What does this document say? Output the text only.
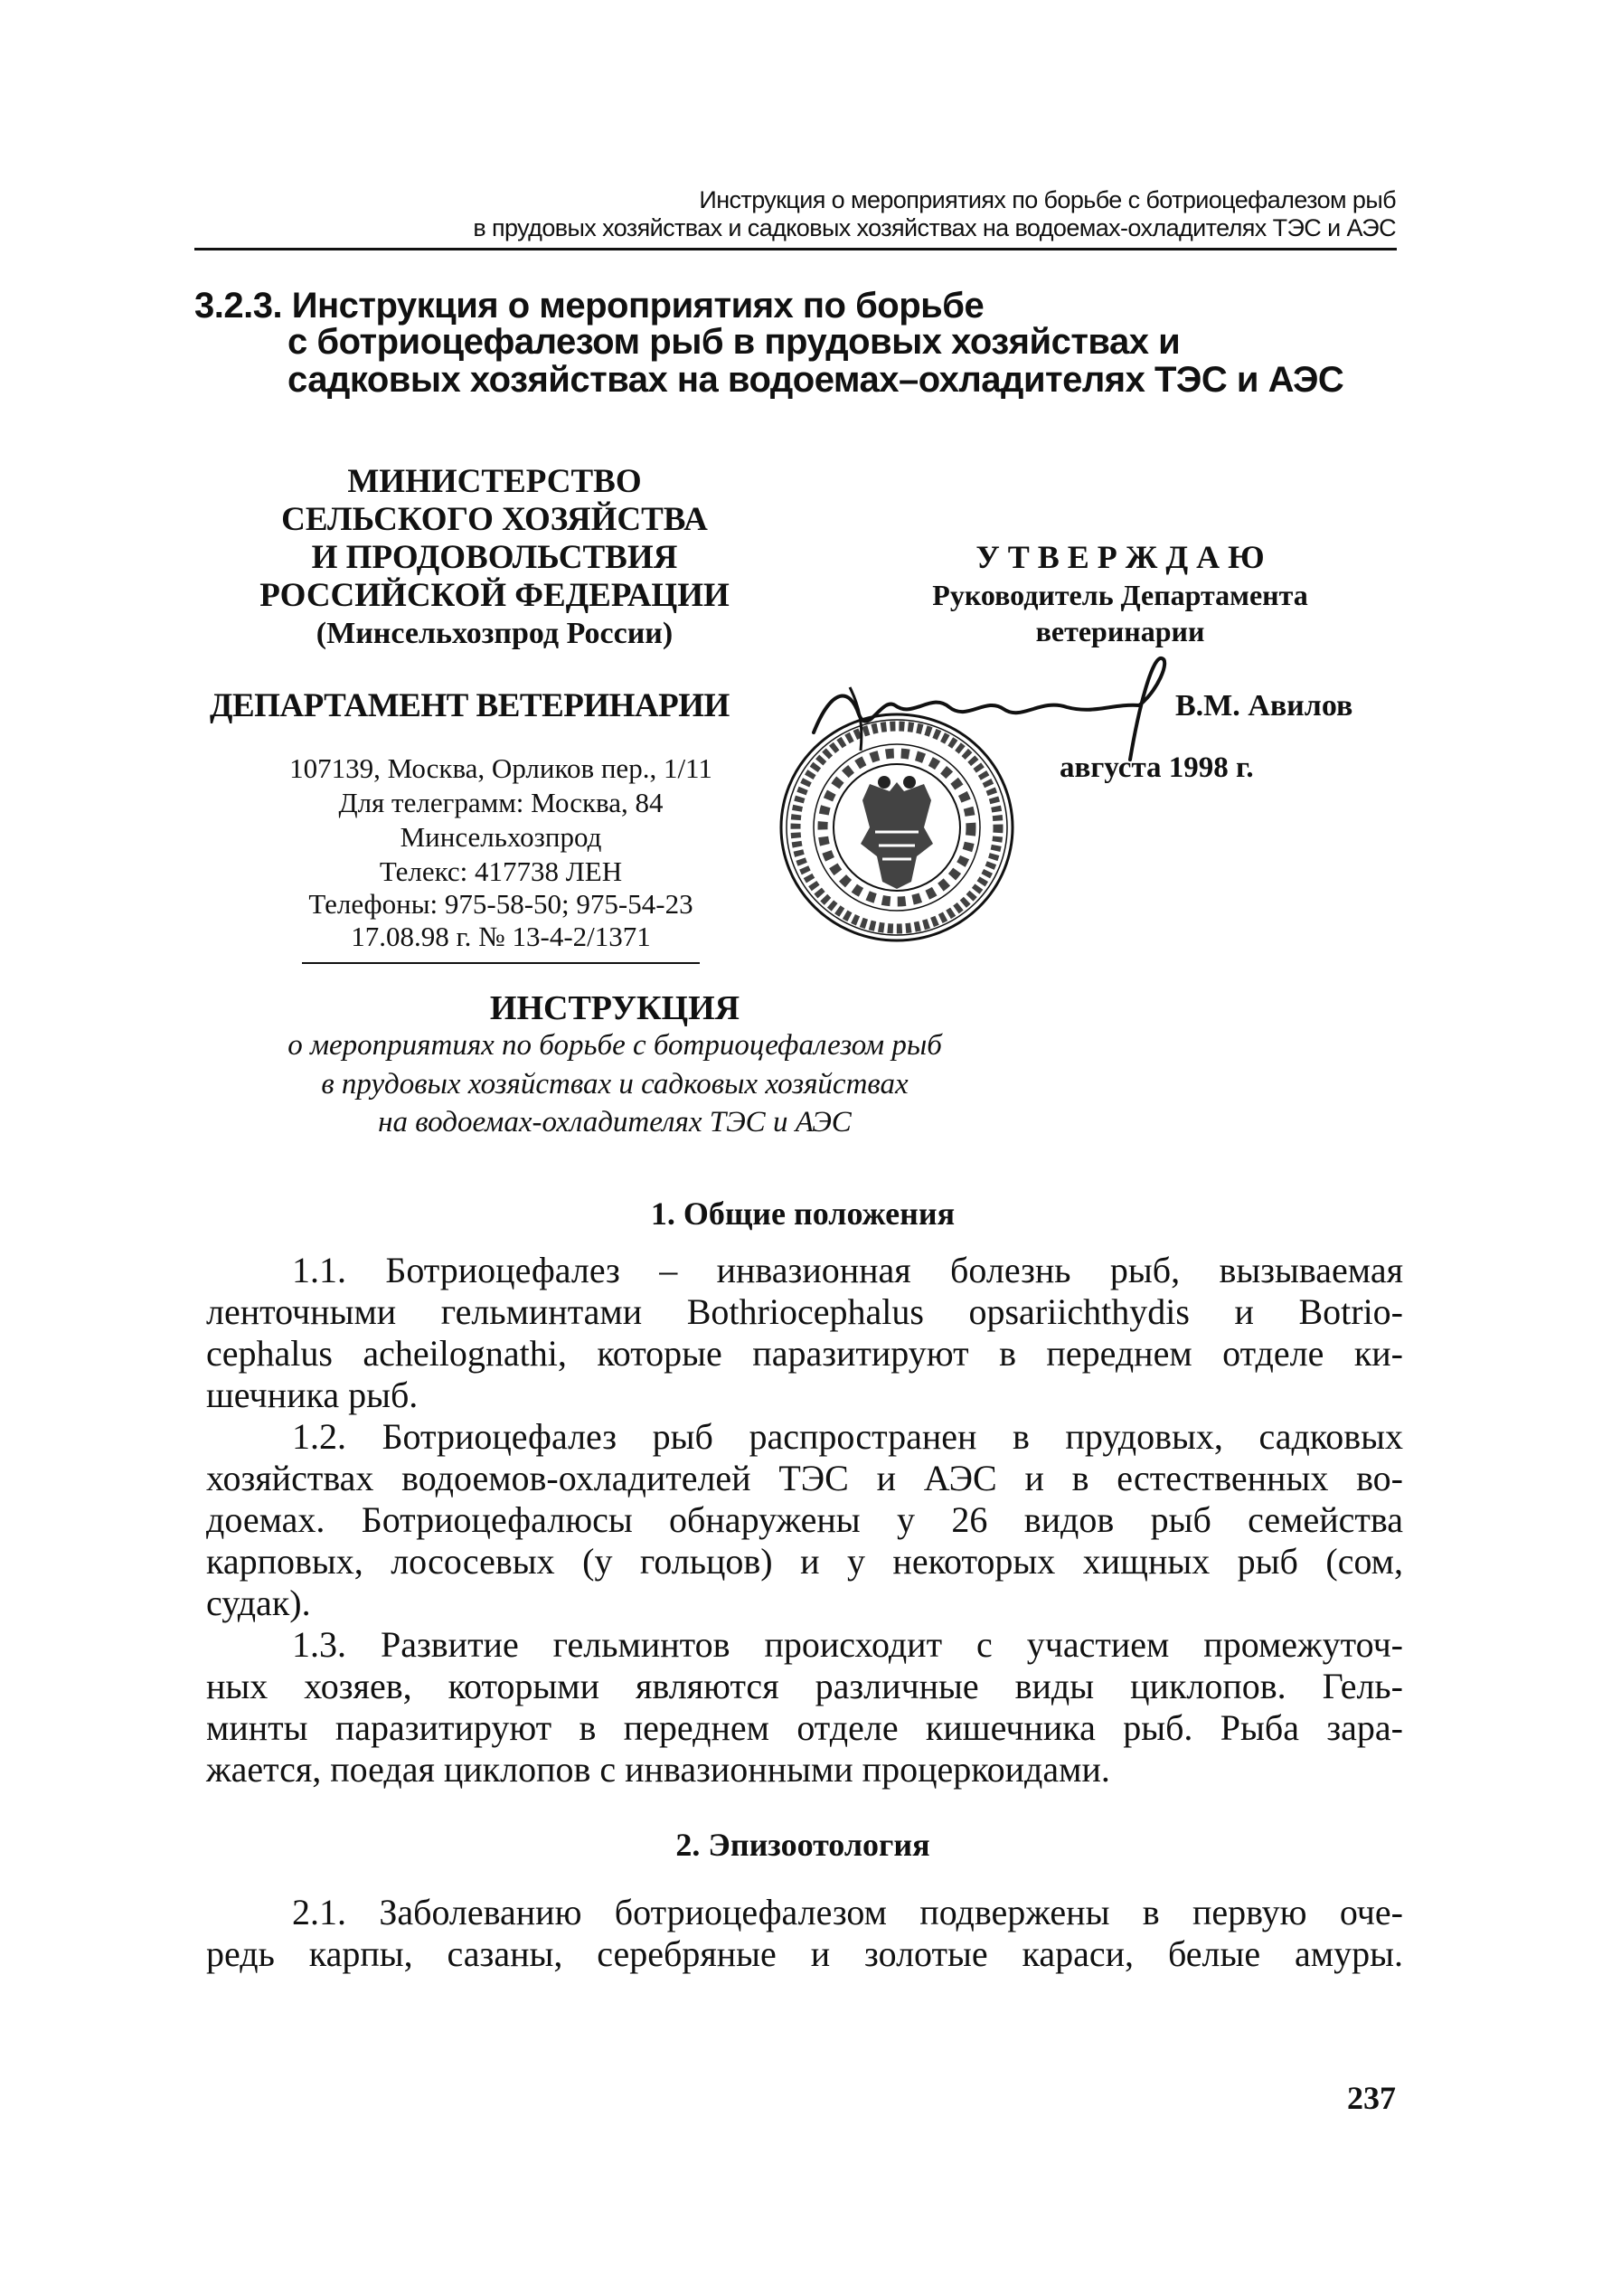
Инструкция о мероприятиях по борьбе с ботриоцефалезом рыб
в прудовых хозяйствах и садковых хозяйствах на водоемах-охладителях ТЭС и АЭС
3.2.3. Инструкция о мероприятиях по борьбе
с ботриоцефалезом рыб в прудовых хозяйствах и
садковых хозяйствах на водоемах–охладителях ТЭС и АЭС
МИНИСТЕРСТВО
СЕЛЬСКОГО ХОЗЯЙСТВА
И ПРОДОВОЛЬСТВИЯ
РОССИЙСКОЙ ФЕДЕРАЦИИ
(Минсельхозпрод России)
ДЕПАРТАМЕНТ ВЕТЕРИНАРИИ
107139, Москва, Орликов пер., 1/11
Для телеграмм: Москва, 84
Минсельхозпрод
Телекс: 417738 ЛЕН
Телефоны: 975-58-50; 975-54-23
17.08.98 г. № 13-4-2/1371
У Т В Е Р Ж Д А Ю
Руководитель Департамента
ветеринарии
В.М. Авилов
августа 1998 г.
ИНСТРУКЦИЯ
о мероприятиях по борьбе с ботриоцефалезом рыб
в прудовых хозяйствах и садковых хозяйствах
на водоемах-охладителях ТЭС и АЭС
1. Общие положения
1.1. Ботриоцефалез – инвазионная болезнь рыб, вызываемая
ленточными гельминтами Bothriocephalus opsariichthydis и Botrio-
cephalus acheilognathi, которые паразитируют в переднем отделе ки-
шечника рыб.
1.2. Ботриоцефалез рыб распространен в прудовых, садковых
хозяйствах водоемов-охладителей ТЭС и АЭС и в естественных во-
доемах. Ботриоцефалюсы обнаружены у 26 видов рыб семейства
карповых, лососевых (у гольцов) и у некоторых хищных рыб (сом,
судак).
1.3. Развитие гельминтов происходит с участием промежуточ-
ных хозяев, которыми являются различные виды циклопов. Гель-
минты паразитируют в переднем отделе кишечника рыб. Рыба зара-
жается, поедая циклопов с инвазионными процеркоидами.
2. Эпизоотология
2.1. Заболеванию ботриоцефалезом подвержены в первую оче-
редь карпы, сазаны, серебряные и золотые караси, белые амуры.
237
